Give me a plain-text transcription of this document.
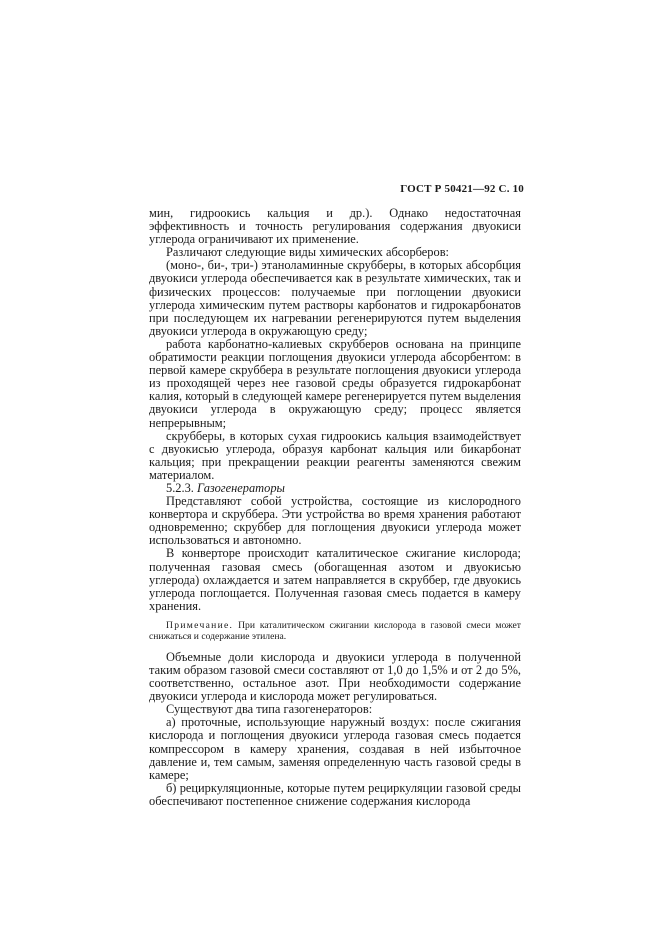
ГОСТ Р 50421—92 С. 10

мин, гидроокись кальция и др.). Однако недостаточная эффективность и точность регулирования содержания двуокиси углерода ограничивают их применение.

Различают следующие виды химических абсорберов:

(моно-, би-, три-) этаноламинные скрубберы, в которых абсорбция двуокиси углерода обеспечивается как в результате химических, так и физических процессов: получаемые при поглощении двуокиси углерода химическим путем растворы карбонатов и гидрокарбонатов при последующем их нагревании регенерируются путем выделения двуокиси углерода в окружающую среду;

работа карбонатно-калиевых скрубберов основана на принципе обратимости реакции поглощения двуокиси углерода абсорбентом: в первой камере скруббера в результате поглощения двуокиси углерода из проходящей через нее газовой среды образуется гидрокарбонат калия, который в следующей камере регенерируется путем выделения двуокиси углерода в окружающую среду; процесс является непрерывным;

скрубберы, в которых сухая гидроокись кальция взаимодействует с двуокисью углерода, образуя карбонат кальция или бикарбонат кальция; при прекращении реакции реагенты заменяются свежим материалом.

5.2.3. Газогенераторы

Представляют собой устройства, состоящие из кислородного конвертора и скруббера. Эти устройства во время хранения работают одновременно; скруббер для поглощения двуокиси углерода может использоваться и автономно.

В конверторе происходит каталитическое сжигание кислорода; полученная газовая смесь (обогащенная азотом и двуокисью углерода) охлаждается и затем направляется в скруббер, где двуокись углерода поглощается. Полученная газовая смесь подается в камеру хранения.

Примечание. При каталитическом сжигании кислорода в газовой смеси может снижаться и содержание этилена.

Объемные доли кислорода и двуокиси углерода в полученной таким образом газовой смеси составляют от 1,0 до 1,5% и от 2 до 5%, соответственно, остальное азот. При необходимости содержание двуокиси углерода и кислорода может регулироваться.

Существуют два типа газогенераторов:

а) проточные, использующие наружный воздух: после сжигания кислорода и поглощения двуокиси углерода газовая смесь подается компрессором в камеру хранения, создавая в ней избыточное давление и, тем самым, заменяя определенную часть газовой среды в камере;

б) рециркуляционные, которые путем рециркуляции газовой среды обеспечивают постепенное снижение содержания кислорода
